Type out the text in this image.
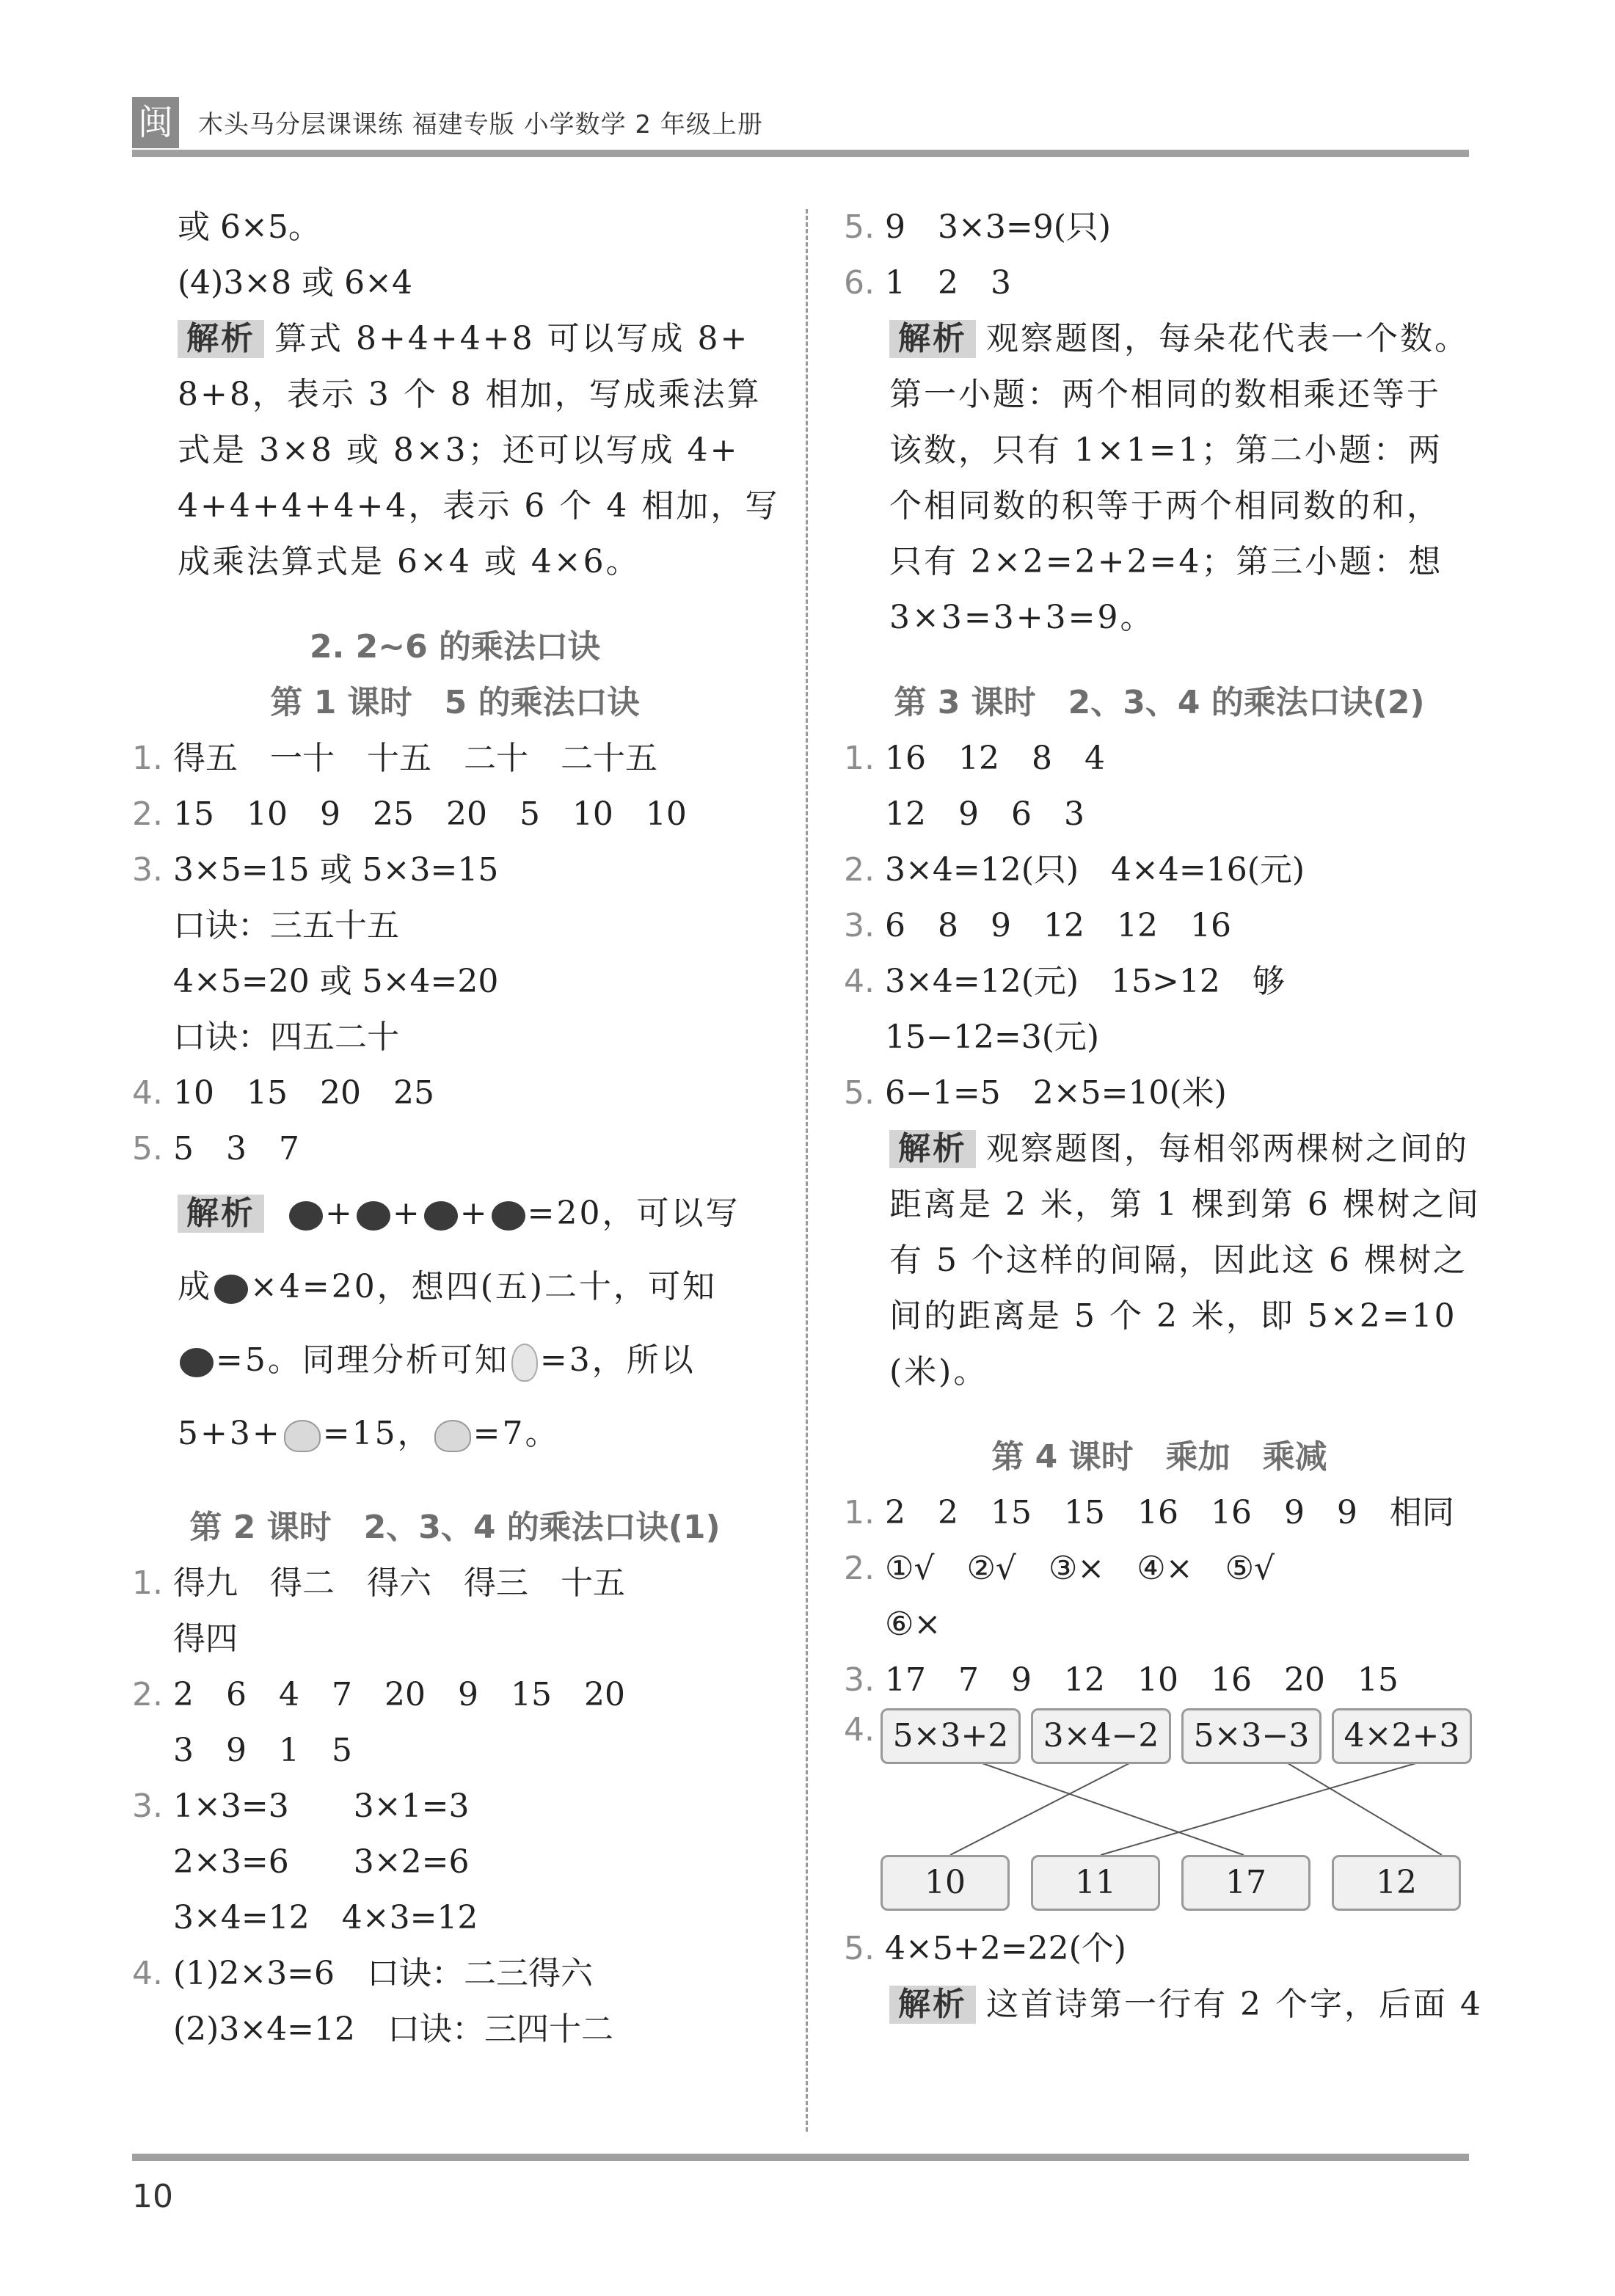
闽 木头马分层课课练 福建专版 小学数学 2 年级上册
或 6×5。
(4)3×8 或 6×4
解析 算式 8+4+4+8 可以写成 8+
8+8，表示 3 个 8 相加，写成乘法算
式是 3×8 或 8×3；还可以写成 4+
4+4+4+4+4，表示 6 个 4 相加，写
成乘法算式是 6×4 或 4×6。
2. 2~6 的乘法口诀
第 1 课时　5 的乘法口诀
1. 得五　一十　十五　二十　二十五
2. 15　10　9　25　20　5　10　10
3. 3×5=15 或 5×3=15
口诀：三五十五
4×5=20 或 5×4=20
口诀：四五二十
4. 10　15　20　25
5. 5　3　7
解析 + + + =20，可以写
成 ×4=20，想四(五)二十，可知
=5。同理分析可知 =3，所以
5+3+ =15， =7。
第 2 课时　2、3、4 的乘法口诀(1)
1. 得九　得二　得六　得三　十五
得四
2. 2　6　4　7　20　9　15　20
3　9　1　5
3. 1×3=3　　3×1=3
2×3=6　　3×2=6
3×4=12　4×3=12
4. (1)2×3=6　口诀：二三得六
(2)3×4=12　口诀：三四十二
5. 9　3×3=9(只)
6. 1　2　3
解析 观察题图，每朵花代表一个数。
第一小题：两个相同的数相乘还等于
该数，只有 1×1=1；第二小题：两
个相同数的积等于两个相同数的和，
只有 2×2=2+2=4；第三小题：想
3×3=3+3=9。
第 3 课时　2、3、4 的乘法口诀(2)
1. 16　12　8　4
12　9　6　3
2. 3×4=12(只)　4×4=16(元)
3. 6　8　9　12　12　16
4. 3×4=12(元)　15>12　够
15−12=3(元)
5. 6−1=5　2×5=10(米)
解析 观察题图，每相邻两棵树之间的
距离是 2 米，第 1 棵到第 6 棵树之间
有 5 个这样的间隔，因此这 6 棵树之
间的距离是 5 个 2 米，即 5×2=10
(米)。
第 4 课时　乘加　乘减
1. 2　2　15　15　16　16　9　9　相同
2. ①√　②√　③×　④×　⑤√
⑥×
3. 17　7　9　12　10　16　20　15
4. 5×3+2	3×4−2	5×3−3	4×2+3
10	11	17	12
5. 4×5+2=22(个)
解析 这首诗第一行有 2 个字，后面 4
10
